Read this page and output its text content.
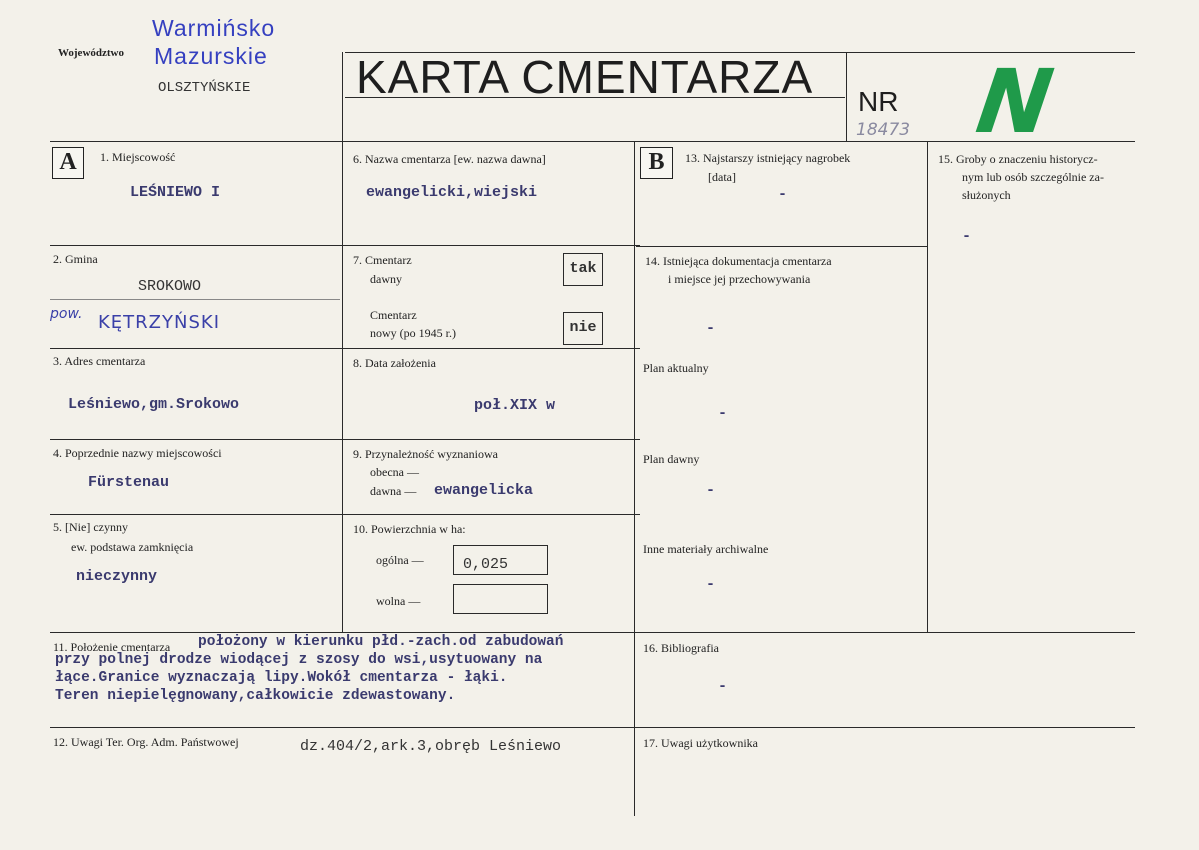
Województwo
Warmińsko
Mazurskie
OLSZTYŃSKIE KARTA CMENTARZA NR
18473 N
A	1. Miejscowość
LEŚNIEWO I
2. Gmina
SROKOWO
pow. KĘTRZYŃSKI
3. Adres cmentarza
Leśniewo,gm.Srokowo
4. Poprzednie nazwy miejscowości
Fürstenau
5. [Nie] czynny
ew. podstawa zamknięcia
nieczynny
6. Nazwa cmentarza [ew. nazwa dawna]
ewangelicki,wiejski
7. Cmentarz
dawny
tak
Cmentarz
nowy (po 1945 r.)	nie
8. Data założenia
poł.XIX w
9. Przynależność wyznaniowa
obecna —
dawna — ewangelicka
10. Powierzchnia w ha:
ogólna —	0,025
wolna —
B	13. Najstarszy istniejący nagrobek
[data]
-
14. Istniejąca dokumentacja cmentarza
i miejsce jej przechowywania
-
Plan aktualny
-
Plan dawny
-
Inne materiały archiwalne
-
15. Groby o znaczeniu historycz-
nym lub osób szczególnie za-
służonych
-
11. Położenie cmentarza położony w kierunku płd.-zach.od zabudowań
przy polnej drodze wiodącej z szosy do wsi,usytuowany na
łące.Granice wyznaczają lipy.Wokół cmentarza - łąki.
Teren niepielęgnowany,całkowicie zdewastowany.
16. Bibliografia
-
12. Uwagi Ter. Org. Adm. Państwowej	dz.404/2,ark.3,obręb Leśniewo	17. Uwagi użytkownika
